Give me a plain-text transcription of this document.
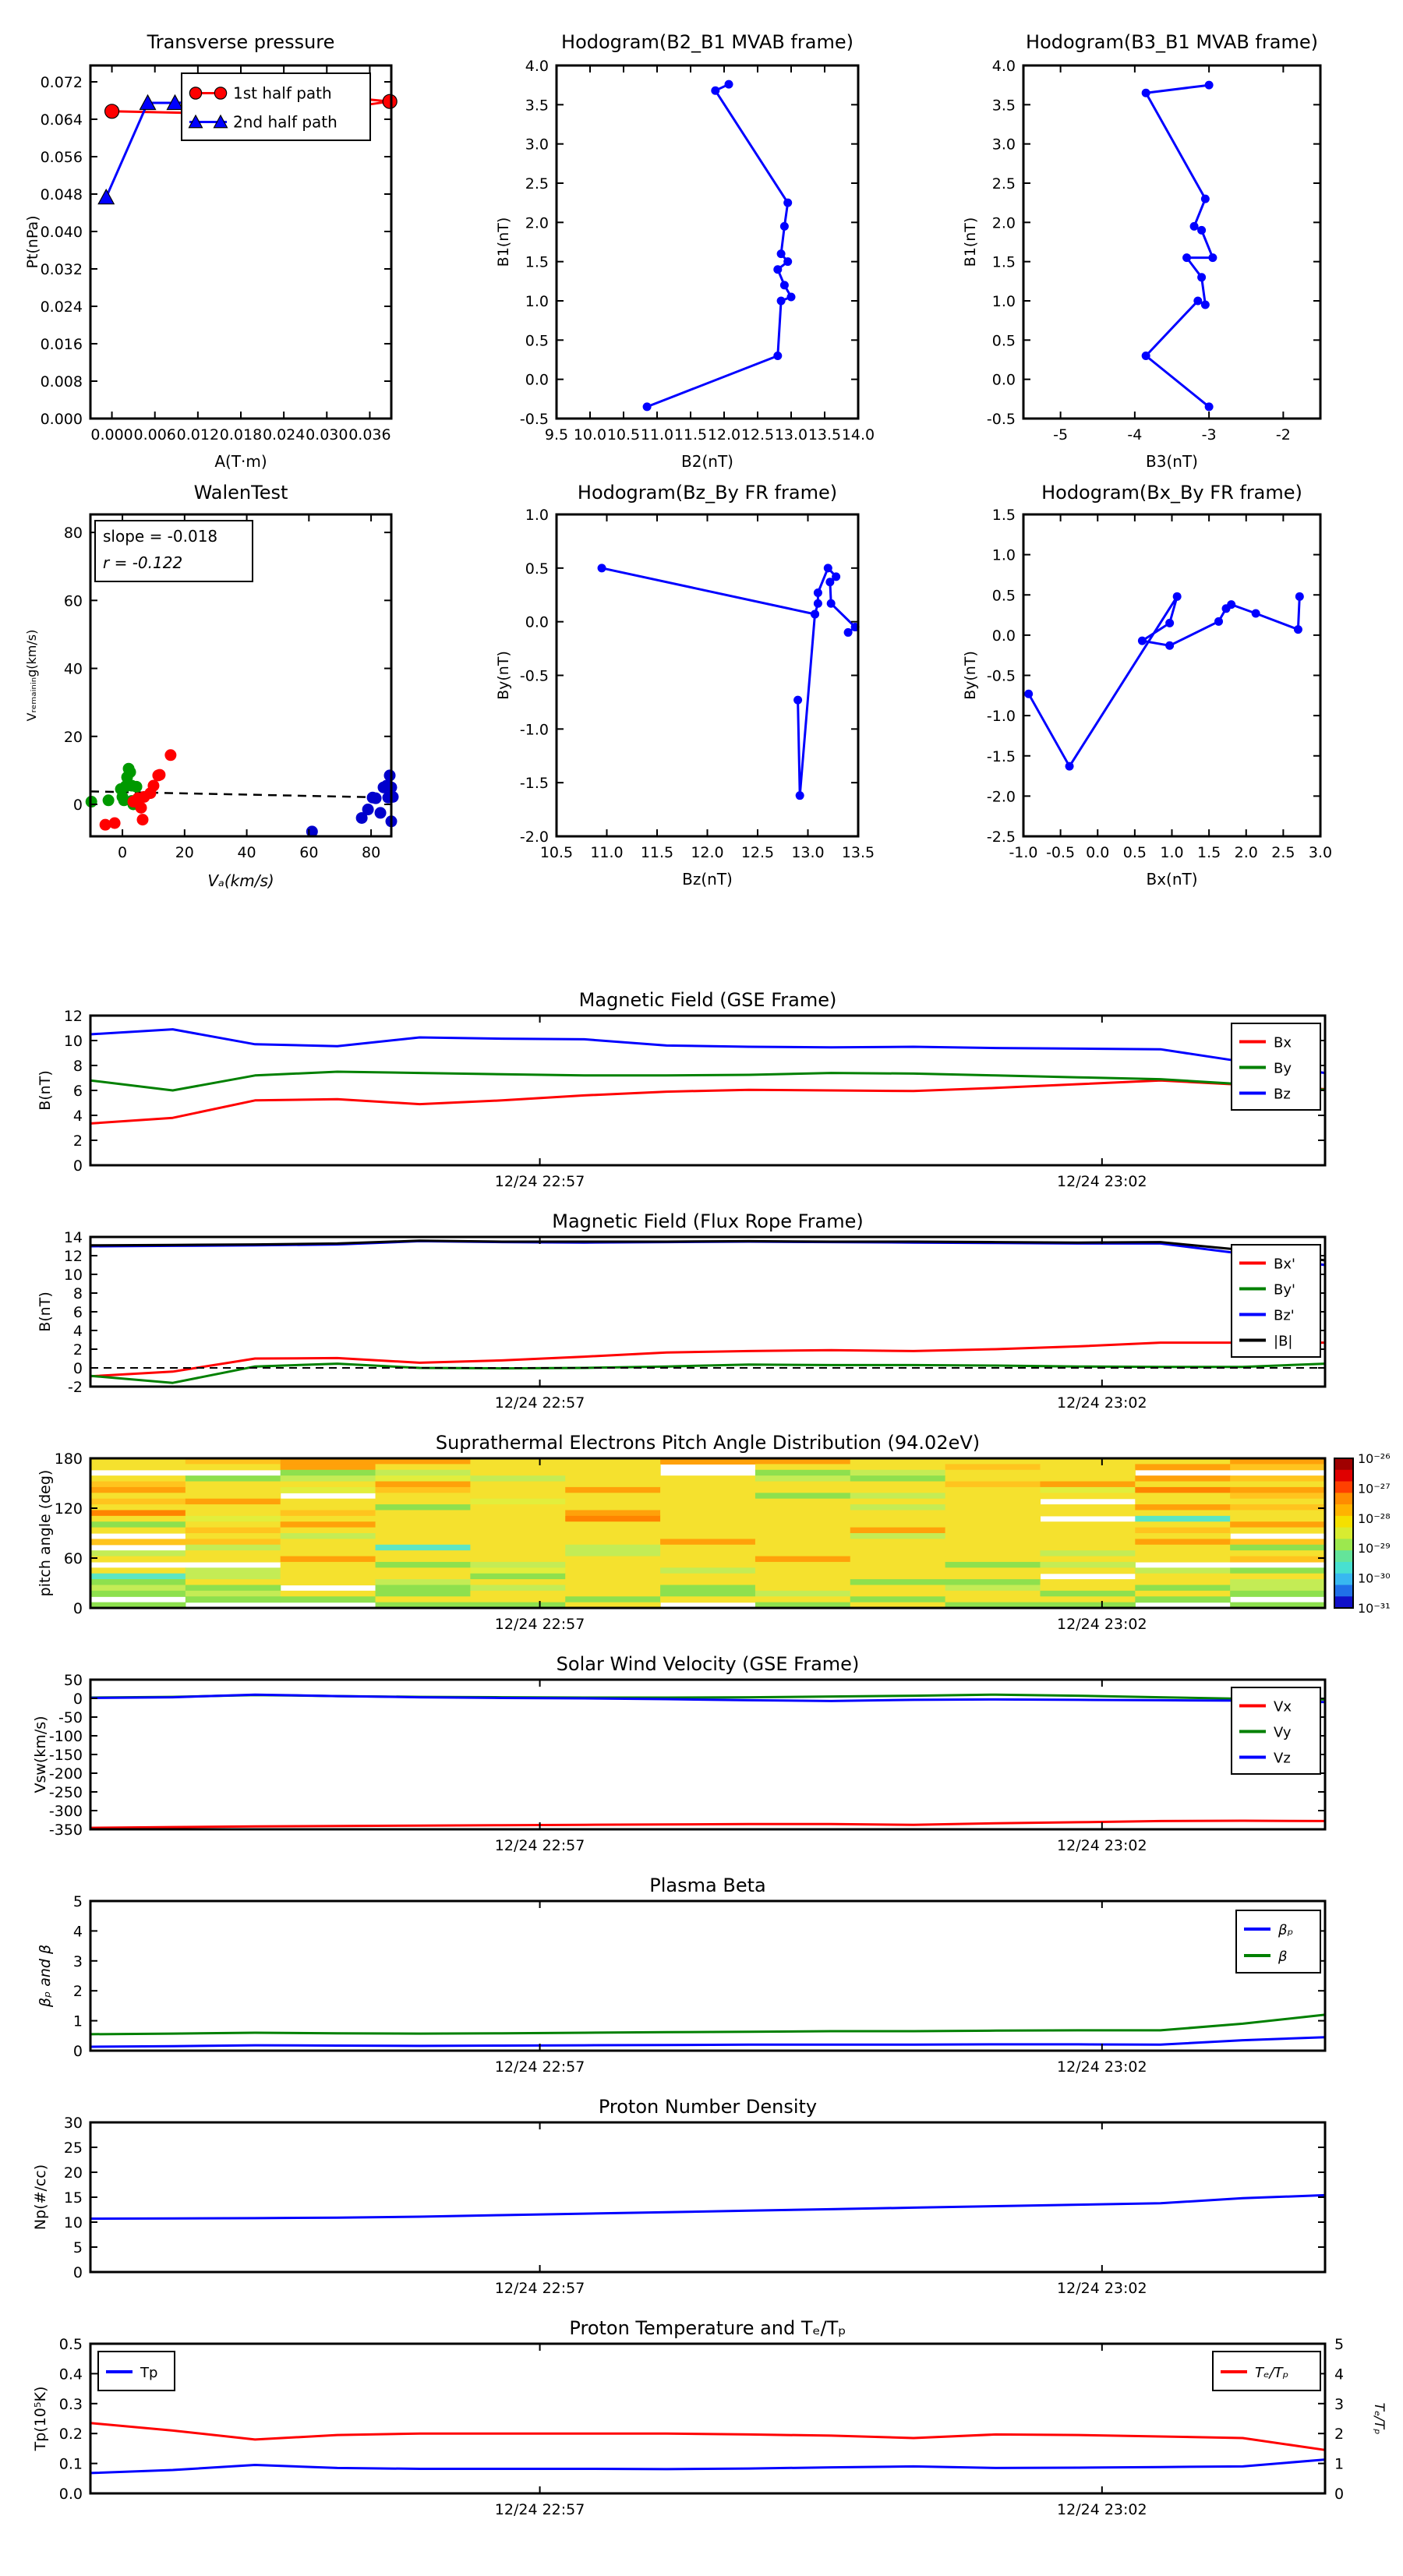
0.000 0.006 0.012 0.018 0.024 0.030 0.036
0.000
0.008
0.016
0.024
0.032
0.040
0.048
0.056
0.064
0.072
Transverse pressure
A(T·m)
Pt(nPa)
1st half path
2nd half path
9.5 10.0 10.5 11.0 11.5 12.0 12.5 13.0 13.5 14.0
-0.5
0.0
0.5
1.0
1.5
2.0
2.5
3.0
3.5
4.0
Hodogram(B2_B1 MVAB frame)
B2(nT)
B1(nT)
-5	-4	-3	-2
-0.5
0.0
0.5
1.0
1.5
2.0
2.5
3.0
3.5
4.0
Hodogram(B3_B1 MVAB frame)
B3(nT)
B1(nT)
0	20	40	60	80
0
20
40
60
80
WalenTest
Vₐ(km/s)
Vᵣₑₘₐᵢₙᵢₙg(km/s)
slope = -0.018
r = -0.122
10.5 11.0 11.5 12.0 12.5 13.0 13.5
-2.0
-1.5
-1.0
-0.5
0.0
0.5
1.0
Hodogram(Bz_By FR frame)
Bz(nT)
By(nT)
-1.0 -0.5 0.0 0.5 1.0 1.5 2.0 2.5 3.0
-2.5
-2.0
-1.5
-1.0
-0.5
0.0
0.5
1.0
1.5
Hodogram(Bx_By FR frame)
Bx(nT)
By(nT)
12/24 22:57	12/24 23:02
0
2
4
6
8
10
12
Magnetic Field (GSE Frame)
B(nT)
Bx
By
Bz
12/24 22:57	12/24 23:02
-2
0
2
4
6
8
10
12
14
Magnetic Field (Flux Rope Frame)
B(nT)
Bx'
By'
Bz'
|B|
10⁻²⁶
10⁻²⁷
10⁻²⁸
10⁻²⁹
10⁻³⁰
10⁻³¹
12/24 22:57	12/24 23:02
0
60
120
180
Suprathermal Electrons Pitch Angle Distribution (94.02eV)
pitch angle (deg)
12/24 22:57	12/24 23:02
50
0
-50
-100
-150
-200
-250
-300
-350
Solar Wind Velocity (GSE Frame)
Vsw(km/s)
Vx
Vy
Vz
12/24 22:57	12/24 23:02
0
1
2
3
4
5
Plasma Beta
βₚ and β
βₚ
β
12/24 22:57	12/24 23:02
0
5
10
15
20
25
30
Proton Number Density
Np(#/cc)
12/24 22:57	12/24 23:02
0.0
0.1
0.2
0.3
0.4
0.5
0
1
2
3
4
5
Proton Temperature and Tₑ/Tₚ
Tp(10⁵K)	Tₑ/Tₚ
Tp	Tₑ/Tₚ
